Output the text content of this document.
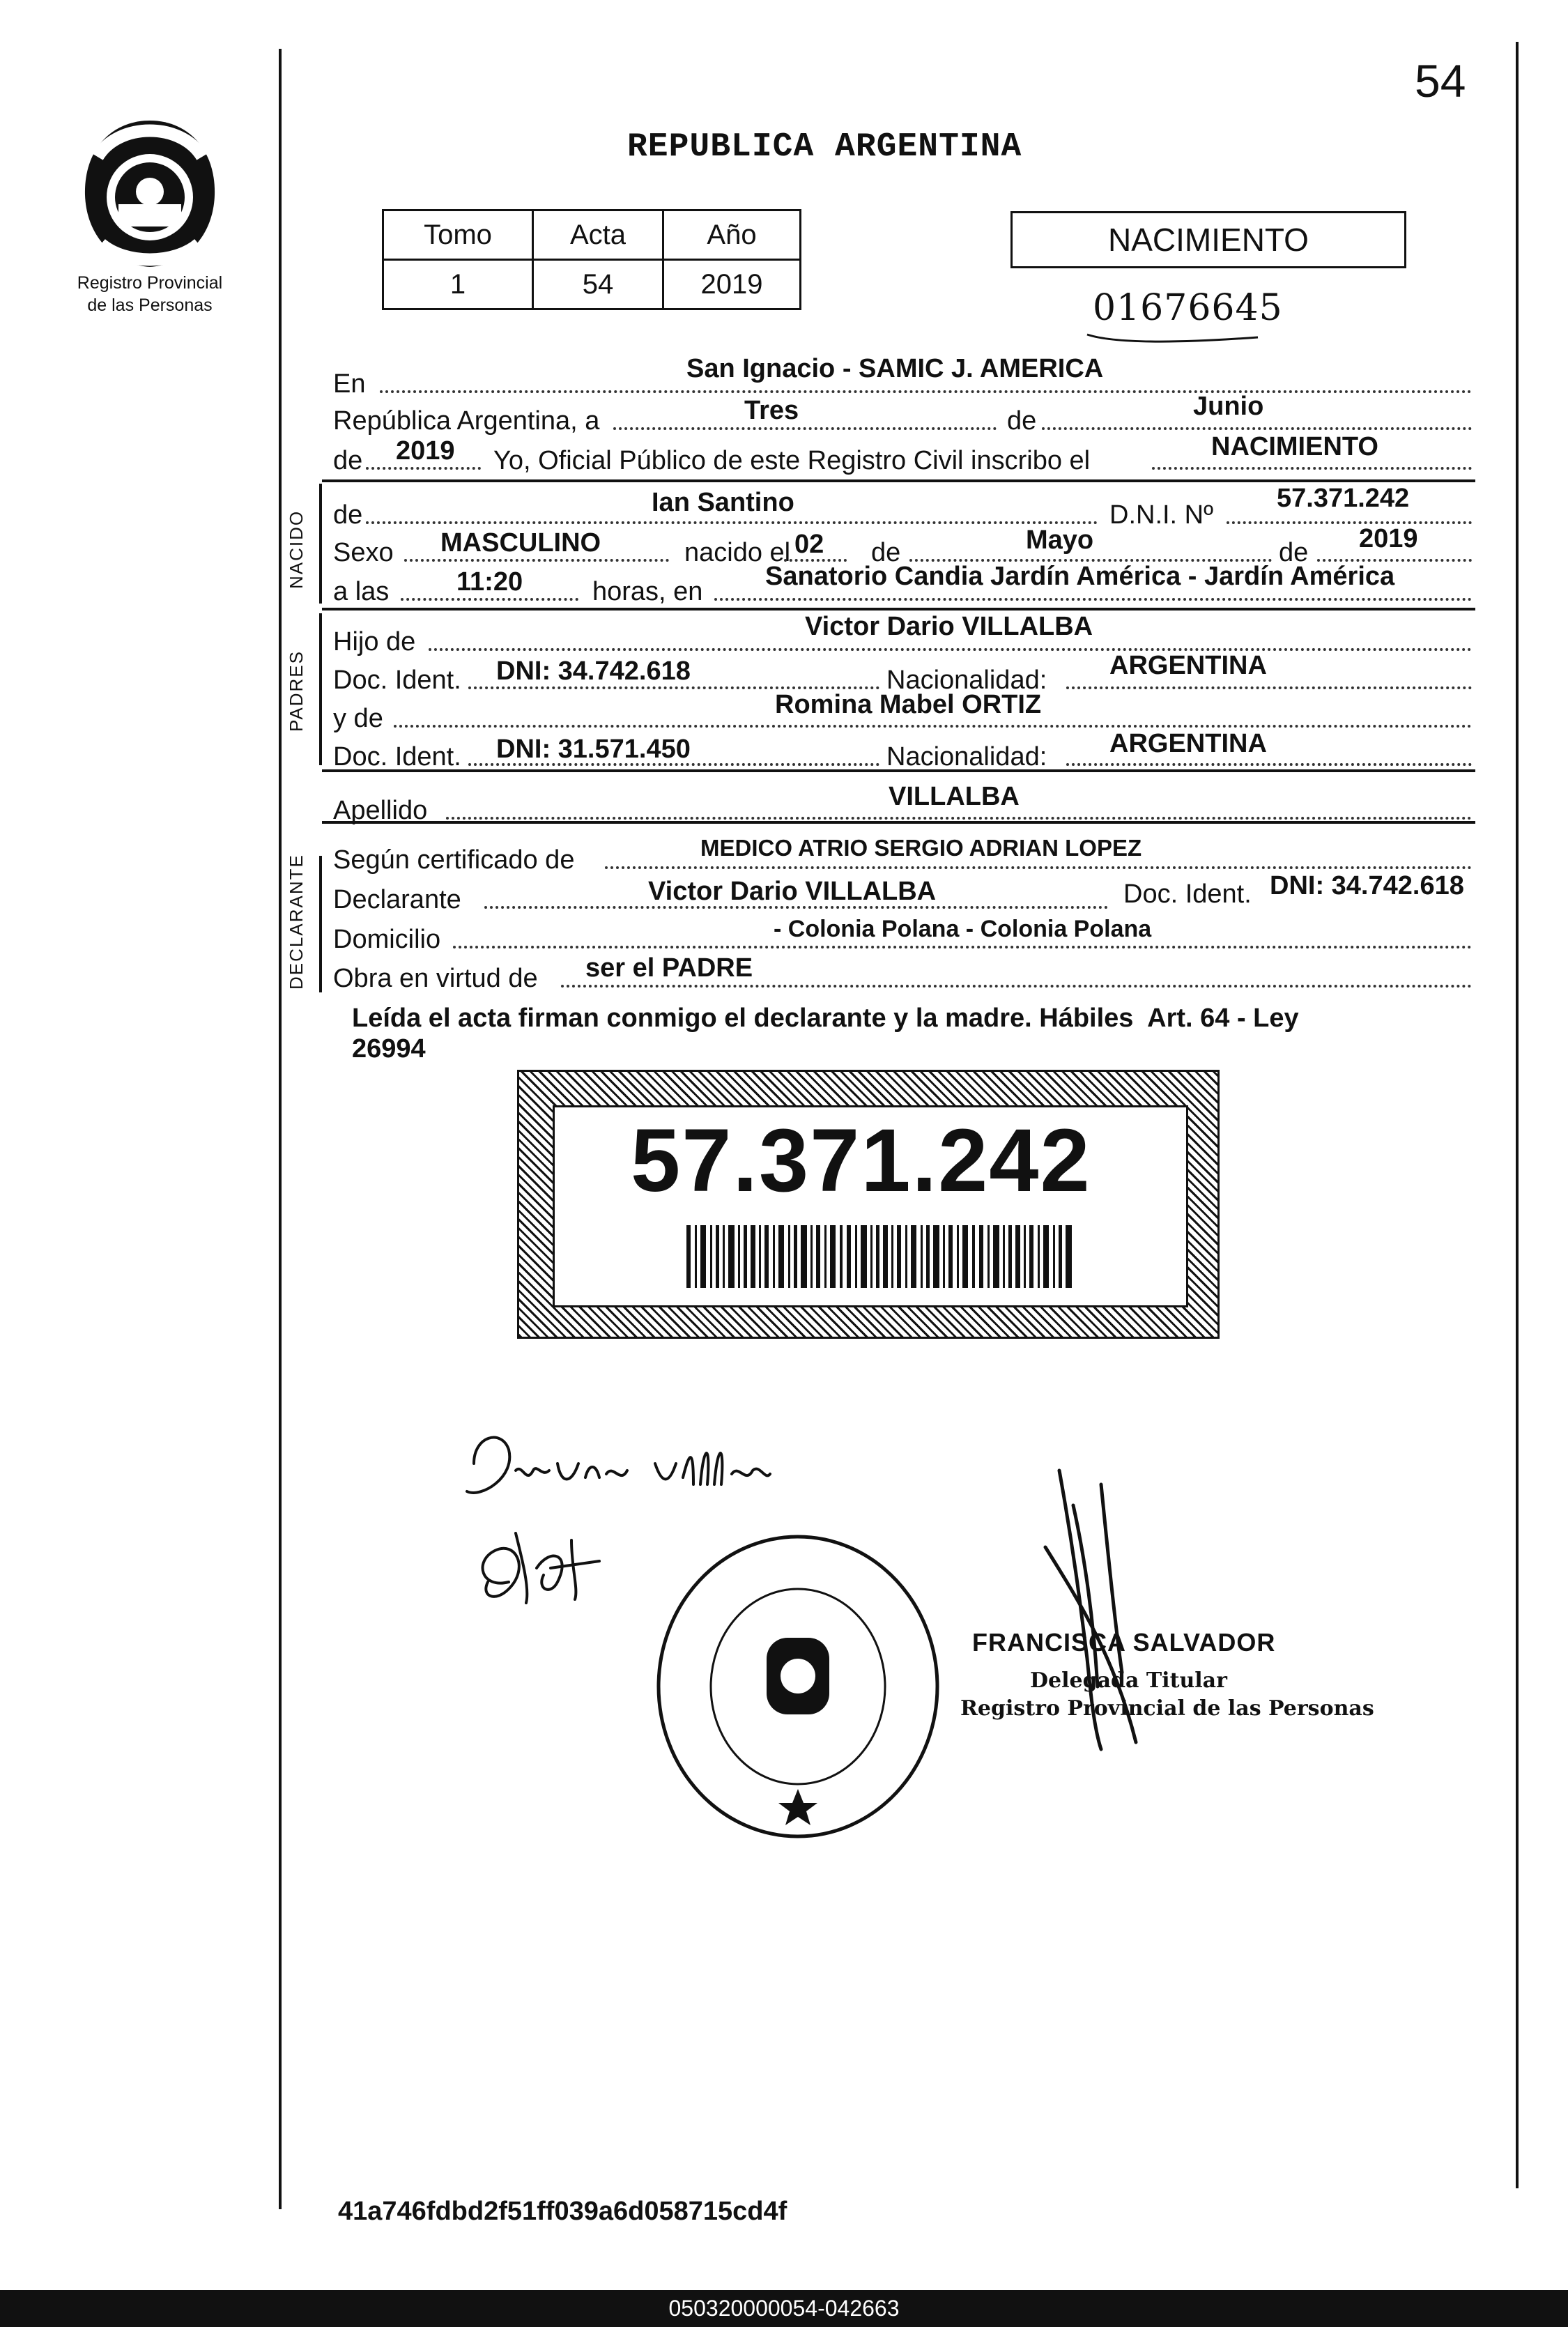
54
Registro Provincial
de las Personas
REPUBLICA ARGENTINA
Tomo	Acta	Año
1	54	2019
NACIMIENTO
01676645
En
San Ignacio - SAMIC J. AMERICA
República Argentina, a	Tres	de	Junio
de 2019 Yo, Oficial Público de este Registro Civil inscribo el	NACIMIENTO
NACIDO de	Ian Santino	D.N.I. Nº
57.371.242
Sexo MASCULINO	nacido el 02 de	Mayo	de 2019
a las	11:20	horas, en
Sanatorio Candia Jardín América - Jardín América
PADRES
Hijo de
Victor Dario VILLALBA
Doc. Ident. DNI: 34.742.618	Nacionalidad: ARGENTINA
y de	Romina Mabel ORTIZ
Doc. Ident. DNI: 31.571.450	Nacionalidad: ARGENTINA
Apellido	VILLALBA
DECLARANTE Según certificado de	MEDICO ATRIO SERGIO ADRIAN LOPEZ
Declarante	Victor Dario VILLALBA	Doc. Ident. DNI: 34.742.618
Domicilio	- Colonia Polana - Colonia Polana
Obra en virtud de ser el PADRE
Leída el acta firman conmigo el declarante y la madre. Hábiles  Art. 64 - Ley
26994
57.371.242
FRANCISCA SALVADOR
Delegada Titular
Registro Provincial de las Personas
41a746fdbd2f51ff039a6d058715cd4f
050320000054-042663
